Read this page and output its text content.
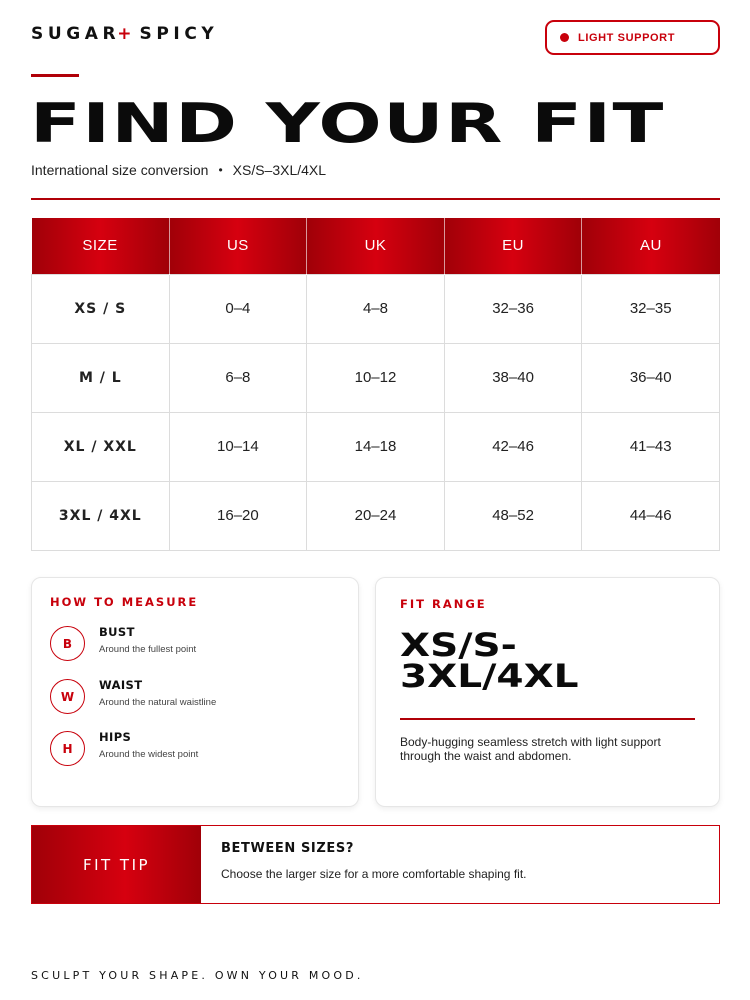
SUGAR+SPICY	LIGHT SUPPORT
FIND YOUR FIT
International size conversion • XS/S–3XL/4XL
SIZE	US	UK	EU	AU
XS / S	0–4	4–8	32–36	32–35
M / L	6–8	10–12	38–40	36–40
XL / XXL	10–14	14–18	42–46	41–43
3XL / 4XL	16–20	20–24	48–52	44–46
HOW TO MEASURE
B
BUST
Around the fullest point
W
WAIST
Around the natural waistline
H
HIPS
Around the widest point
FIT RANGE
XS/S-
3XL/4XL
Body-hugging seamless stretch with light support through the waist and abdomen.
FIT TIP
BETWEEN SIZES?
Choose the larger size for a more comfortable shaping fit.
SCULPT YOUR SHAPE. OWN YOUR MOOD.
